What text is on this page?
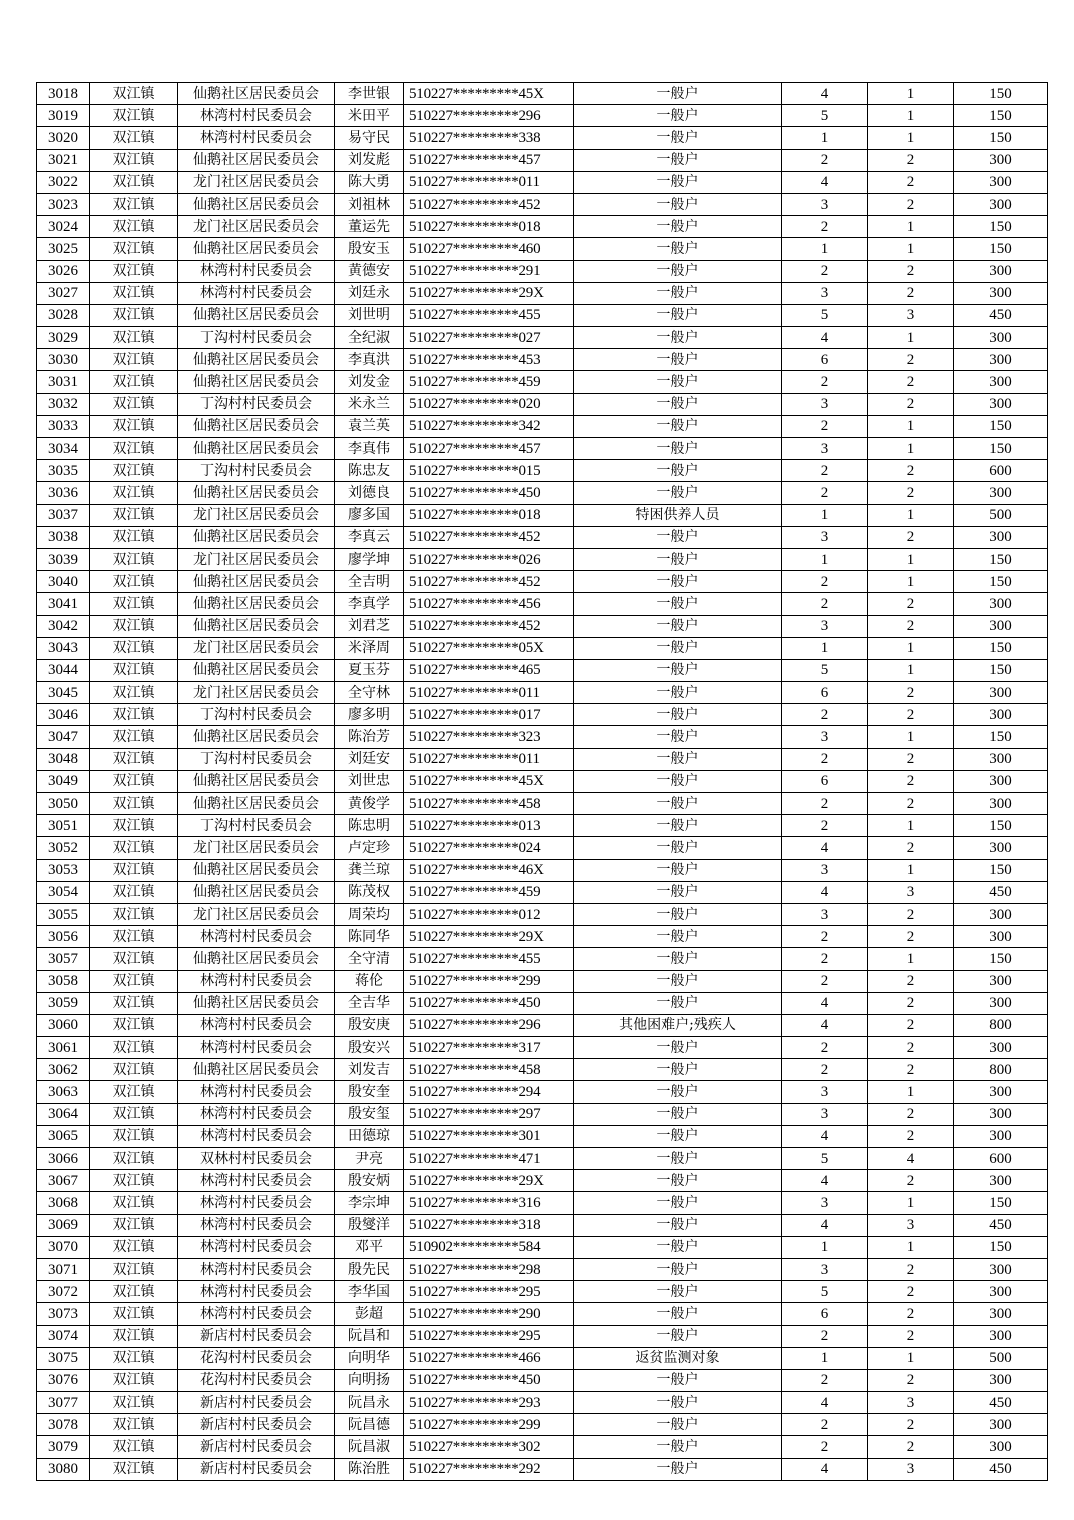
3018	双江镇	仙鹅社区居民委员会	李世银	510227*********45X	一般户	4	1	150
3019	双江镇	林湾村村民委员会	米田平	510227*********296	一般户	5	1	150
3020	双江镇	林湾村村民委员会	易守民	510227*********338	一般户	1	1	150
3021	双江镇	仙鹅社区居民委员会	刘发彪	510227*********457	一般户	2	2	300
3022	双江镇	龙门社区居民委员会	陈大勇	510227*********011	一般户	4	2	300
3023	双江镇	仙鹅社区居民委员会	刘祖林	510227*********452	一般户	3	2	300
3024	双江镇	龙门社区居民委员会	董运先	510227*********018	一般户	2	1	150
3025	双江镇	仙鹅社区居民委员会	殷安玉	510227*********460	一般户	1	1	150
3026	双江镇	林湾村村民委员会	黄德安	510227*********291	一般户	2	2	300
3027	双江镇	林湾村村民委员会	刘廷永	510227*********29X	一般户	3	2	300
3028	双江镇	仙鹅社区居民委员会	刘世明	510227*********455	一般户	5	3	450
3029	双江镇	丁沟村村民委员会	全纪淑	510227*********027	一般户	4	1	300
3030	双江镇	仙鹅社区居民委员会	李真洪	510227*********453	一般户	6	2	300
3031	双江镇	仙鹅社区居民委员会	刘发金	510227*********459	一般户	2	2	300
3032	双江镇	丁沟村村民委员会	米永兰	510227*********020	一般户	3	2	300
3033	双江镇	仙鹅社区居民委员会	袁兰英	510227*********342	一般户	2	1	150
3034	双江镇	仙鹅社区居民委员会	李真伟	510227*********457	一般户	3	1	150
3035	双江镇	丁沟村村民委员会	陈忠友	510227*********015	一般户	2	2	600
3036	双江镇	仙鹅社区居民委员会	刘德良	510227*********450	一般户	2	2	300
3037	双江镇	龙门社区居民委员会	廖多国	510227*********018	特困供养人员	1	1	500
3038	双江镇	仙鹅社区居民委员会	李真云	510227*********452	一般户	3	2	300
3039	双江镇	龙门社区居民委员会	廖学坤	510227*********026	一般户	1	1	150
3040	双江镇	仙鹅社区居民委员会	全吉明	510227*********452	一般户	2	1	150
3041	双江镇	仙鹅社区居民委员会	李真学	510227*********456	一般户	2	2	300
3042	双江镇	仙鹅社区居民委员会	刘君芝	510227*********452	一般户	3	2	300
3043	双江镇	龙门社区居民委员会	米泽周	510227*********05X	一般户	1	1	150
3044	双江镇	仙鹅社区居民委员会	夏玉芬	510227*********465	一般户	5	1	150
3045	双江镇	龙门社区居民委员会	全守林	510227*********011	一般户	6	2	300
3046	双江镇	丁沟村村民委员会	廖多明	510227*********017	一般户	2	2	300
3047	双江镇	仙鹅社区居民委员会	陈治芳	510227*********323	一般户	3	1	150
3048	双江镇	丁沟村村民委员会	刘廷安	510227*********011	一般户	2	2	300
3049	双江镇	仙鹅社区居民委员会	刘世忠	510227*********45X	一般户	6	2	300
3050	双江镇	仙鹅社区居民委员会	黄俊学	510227*********458	一般户	2	2	300
3051	双江镇	丁沟村村民委员会	陈忠明	510227*********013	一般户	2	1	150
3052	双江镇	龙门社区居民委员会	卢定珍	510227*********024	一般户	4	2	300
3053	双江镇	仙鹅社区居民委员会	龚兰琼	510227*********46X	一般户	3	1	150
3054	双江镇	仙鹅社区居民委员会	陈茂权	510227*********459	一般户	4	3	450
3055	双江镇	龙门社区居民委员会	周荣均	510227*********012	一般户	3	2	300
3056	双江镇	林湾村村民委员会	陈同华	510227*********29X	一般户	2	2	300
3057	双江镇	仙鹅社区居民委员会	全守清	510227*********455	一般户	2	1	150
3058	双江镇	林湾村村民委员会	蒋伦	510227*********299	一般户	2	2	300
3059	双江镇	仙鹅社区居民委员会	全吉华	510227*********450	一般户	4	2	300
3060	双江镇	林湾村村民委员会	殷安庚	510227*********296	其他困难户;残疾人	4	2	800
3061	双江镇	林湾村村民委员会	殷安兴	510227*********317	一般户	2	2	300
3062	双江镇	仙鹅社区居民委员会	刘发吉	510227*********458	一般户	2	2	800
3063	双江镇	林湾村村民委员会	殷安奎	510227*********294	一般户	3	1	300
3064	双江镇	林湾村村民委员会	殷安玺	510227*********297	一般户	3	2	300
3065	双江镇	林湾村村民委员会	田德琼	510227*********301	一般户	4	2	300
3066	双江镇	双林村村民委员会	尹亮	510227*********471	一般户	5	4	600
3067	双江镇	林湾村村民委员会	殷安炳	510227*********29X	一般户	4	2	300
3068	双江镇	林湾村村民委员会	李宗坤	510227*********316	一般户	3	1	150
3069	双江镇	林湾村村民委员会	殷燮洋	510227*********318	一般户	4	3	450
3070	双江镇	林湾村村民委员会	邓平	510902*********584	一般户	1	1	150
3071	双江镇	林湾村村民委员会	殷先民	510227*********298	一般户	3	2	300
3072	双江镇	林湾村村民委员会	李华国	510227*********295	一般户	5	2	300
3073	双江镇	林湾村村民委员会	彭超	510227*********290	一般户	6	2	300
3074	双江镇	新店村村民委员会	阮昌和	510227*********295	一般户	2	2	300
3075	双江镇	花沟村村民委员会	向明华	510227*********466	返贫监测对象	1	1	500
3076	双江镇	花沟村村民委员会	向明扬	510227*********450	一般户	2	2	300
3077	双江镇	新店村村民委员会	阮昌永	510227*********293	一般户	4	3	450
3078	双江镇	新店村村民委员会	阮昌德	510227*********299	一般户	2	2	300
3079	双江镇	新店村村民委员会	阮昌淑	510227*********302	一般户	2	2	300
3080	双江镇	新店村村民委员会	陈治胜	510227*********292	一般户	4	3	450
